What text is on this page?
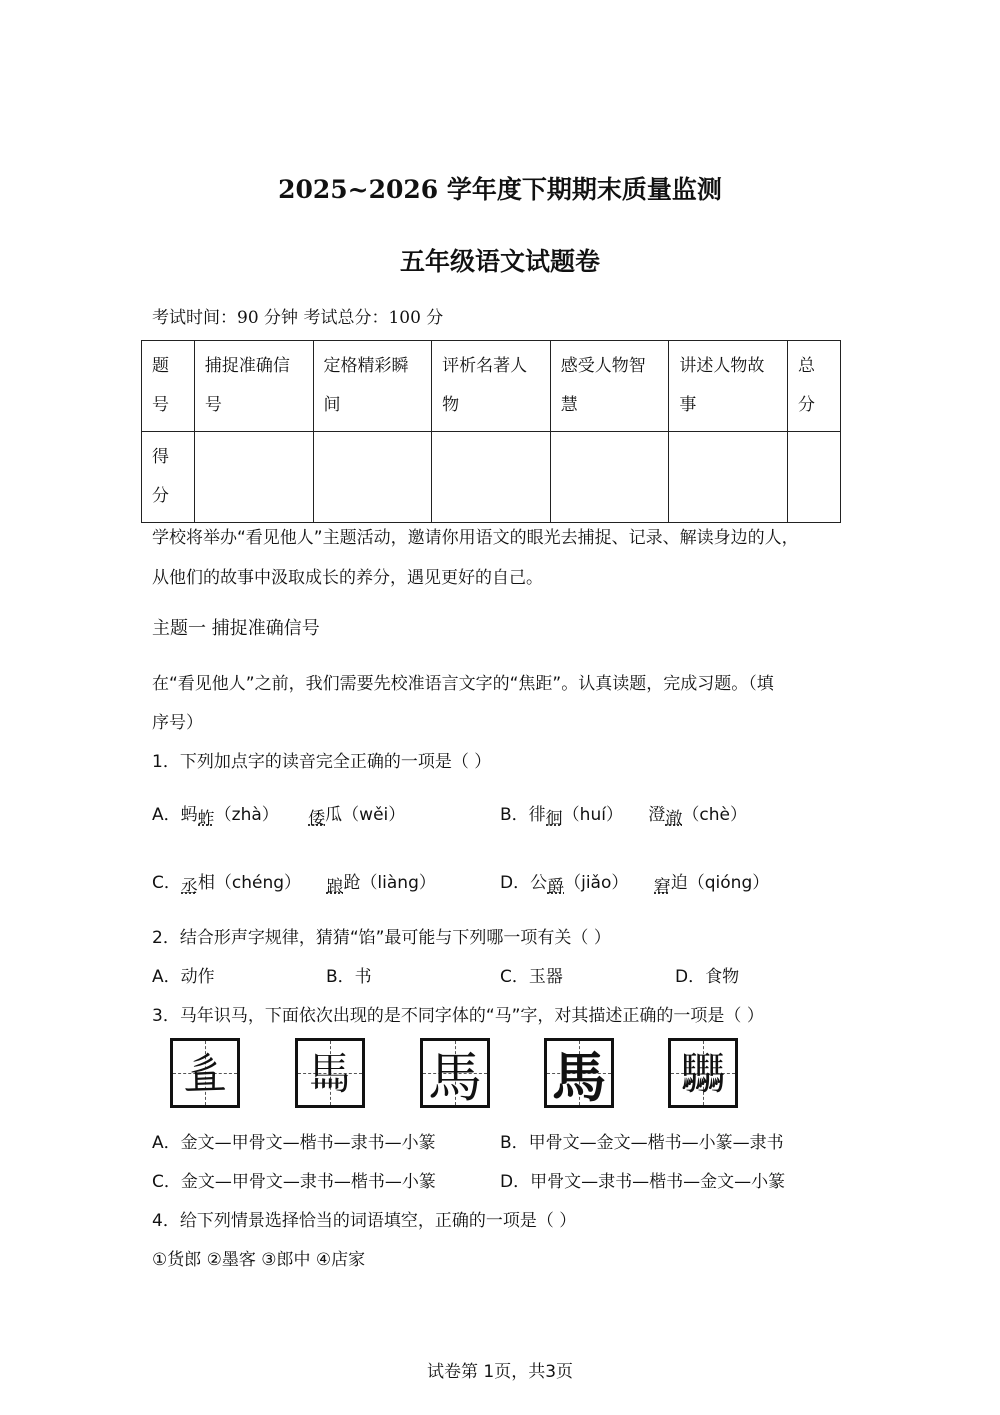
2025~2026 学年度下期期末质量监测
五年级语文试题卷
考试时间：90 分钟 考试总分：100 分
题号	捕捉准确信号	定格精彩瞬间	评析名著人物	感受人物智慧	讲述人物故事	总分
得分						
学校将举办“看见他人”主题活动，邀请你用语文的眼光去捕捉、记录、解读身边的人，
从他们的故事中汲取成长的养分，遇见更好的自己。
主题一 捕捉准确信号
在“看见他人”之前，我们需要先校准语言文字的“焦距”。认真读题，完成习题。（填
序号）
1．下列加点字的读音完全正确的一项是（ ）
A．蚂蚱（zhà） 倭瓜（wěi）	B．徘徊（huí） 澄澈（chè）
C．丞相（chéng） 踉跄（liàng）	D．公爵（jiǎo） 窘迫（qióng）
2．结合形声字规律，猜猜“馅”最可能与下列哪一项有关（ ）
A．动作	B．书	C．玉器	D．食物
3．马年识马，下面依次出现的是不同字体的“马”字，对其描述正确的一项是（ ）
𢒉 𩡧 馬 馬 𩧢
A．金文—甲骨文—楷书—隶书—小篆	B．甲骨文—金文—楷书—小篆—隶书
C．金文—甲骨文—隶书—楷书—小篆	D．甲骨文—隶书—楷书—金文—小篆
4．给下列情景选择恰当的词语填空，正确的一项是（ ）
①货郎 ②墨客 ③郎中 ④店家
试卷第 1页，共3页
